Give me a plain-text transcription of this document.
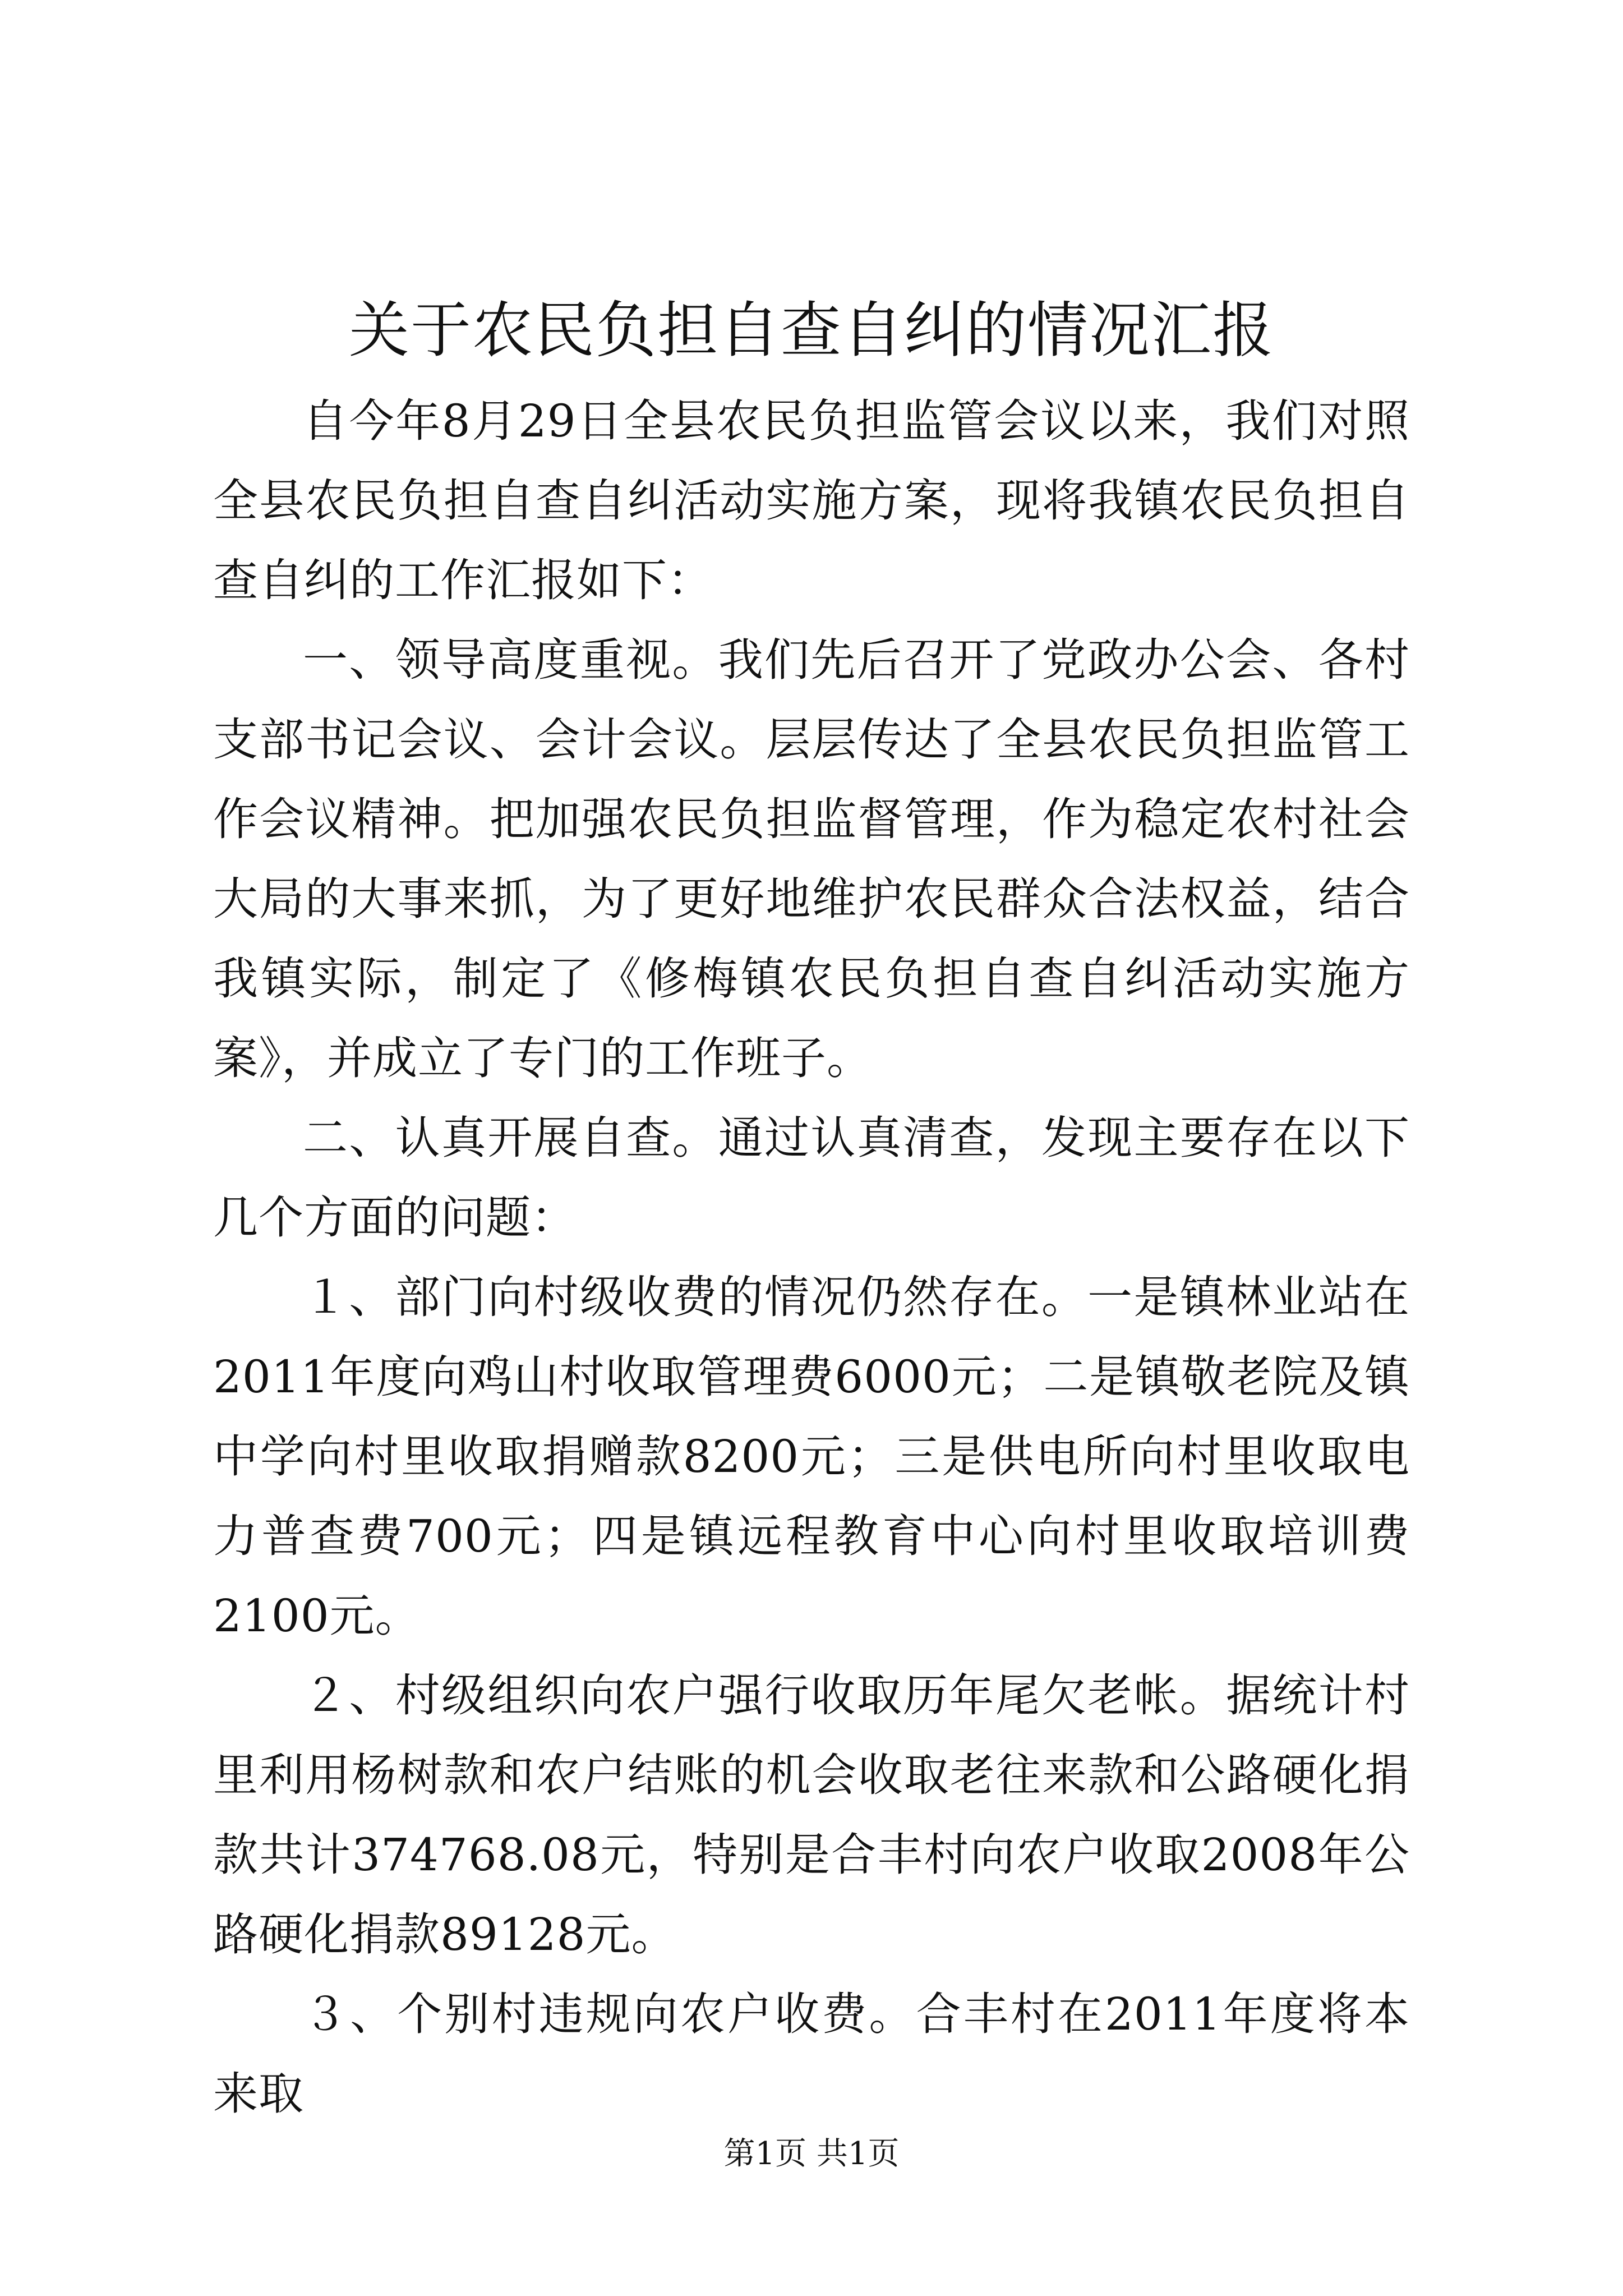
关于农民负担自查自纠的情况汇报

自今年8月29日全县农民负担监管会议以来，我们对照全县农民负担自查自纠活动实施方案，现将我镇农民负担自查自纠的工作汇报如下：

一、领导高度重视。我们先后召开了党政办公会、各村支部书记会议、会计会议。层层传达了全县农民负担监管工作会议精神。把加强农民负担监督管理，作为稳定农村社会大局的大事来抓，为了更好地维护农民群众合法权益，结合我镇实际，制定了《修梅镇农民负担自查自纠活动实施方案》，并成立了专门的工作班子。

二、认真开展自查。通过认真清查，发现主要存在以下几个方面的问题：

１、部门向村级收费的情况仍然存在。一是镇林业站在2011年度向鸡山村收取管理费6000元；二是镇敬老院及镇中学向村里收取捐赠款8200元；三是供电所向村里收取电力普查费700元；四是镇远程教育中心向村里收取培训费2100元。

２、村级组织向农户强行收取历年尾欠老帐。据统计村里利用杨树款和农户结账的机会收取老往来款和公路硬化捐款共计374768.08元，特别是合丰村向农户收取2008年公路硬化捐款89128元。

３、个别村违规向农户收费。合丰村在2011年度将本来取

第1页 共1页
